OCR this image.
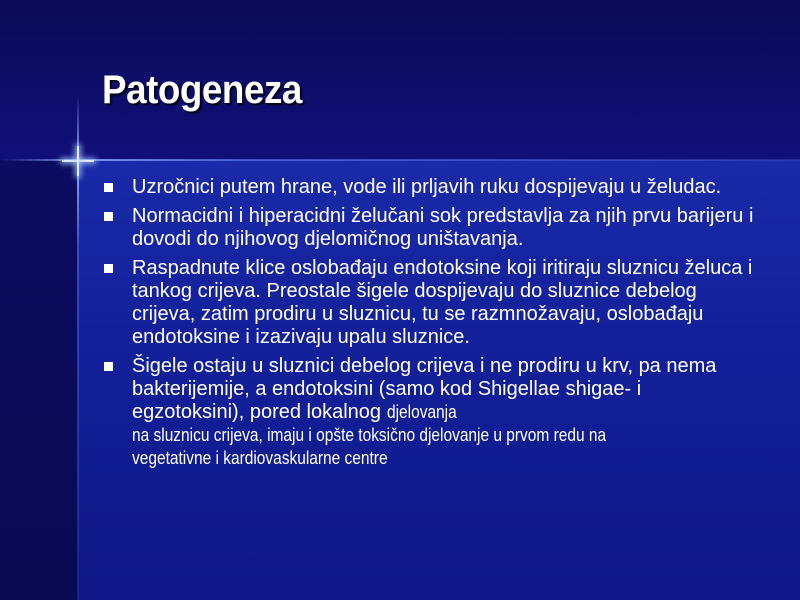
Patogeneza
Uzročnici putem hrane, vode ili prljavih ruku dospijevaju u želudac.
Normacidni i hiperacidni želučani sok predstavlja za njih prvu barijeru i dovodi do njihovog djelomičnog uništavanja.
Raspadnute klice oslobađaju endotoksine koji iritiraju sluznicu želuca i tankog crijeva. Preostale šigele dospijevaju do sluznice debelog crijeva, zatim prodiru u sluznicu, tu se razmnožavaju, oslobađaju endotoksine i izazivaju upalu sluznice.
Šigele ostaju u sluznici debelog crijeva i ne prodiru u krv, pa nema bakterijemije, a endotoksini (samo kod Shigellae shigae- i egzotoksini), pored lokalnog djelovanja
na sluznicu crijeva, imaju i opšte toksično djelovanje u prvom redu na
vegetativne i kardiovaskularne centre
